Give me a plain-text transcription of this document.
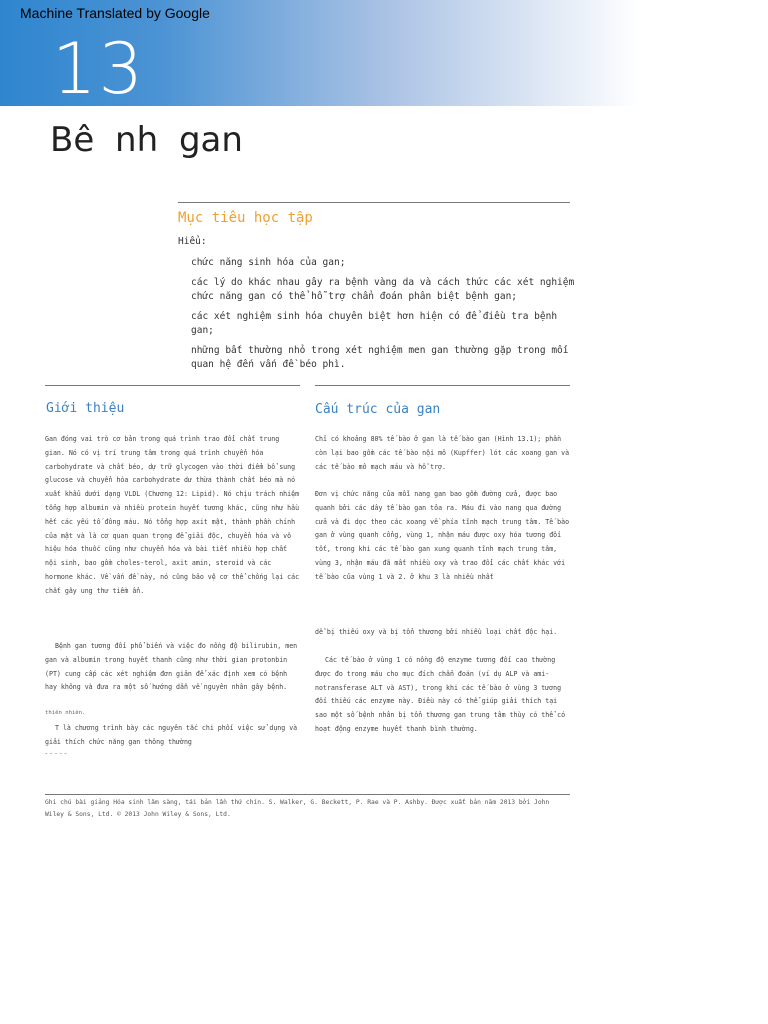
Machine Translated by Google
13
Bê nh gan
Mục tiêu học tập
Hiểu:
chức năng sinh hóa của gan;
các lý do khác nhau gây ra bệnh vàng da và cách thức các xét nghiệm chức năng gan có thể hỗ trợ chẩn đoán phân biệt bệnh gan;
các xét nghiệm sinh hóa chuyên biệt hơn hiện có để điều tra bệnh gan;
những bất thường nhỏ trong xét nghiệm men gan thường gặp trong mối quan hệ đến vấn đề béo phì.
Giới thiệu
Gan đóng vai trò cơ bản trong quá trình trao đổi chất trung gian. Nó có vị trí trung tâm trong quá trình chuyển hóa carbohydrate và chất béo, dự trữ glycogen vào thời điểm bổ sung glucose và chuyển hóa carbohydrate dư thừa thành chất béo mà nó xuất khẩu dưới dạng VLDL (Chương 12: Lipid). Nó chịu trách nhiệm tổng hợp albumin và nhiều protein huyết tương khác, cũng như hầu hết các yếu tố đông máu. Nó tổng hợp axit mật, thành phần chính của mật và là cơ quan quan trọng để giải độc, chuyển hóa và vô hiệu hóa thuốc cũng như chuyển hóa và bài tiết nhiều hợp chất nội sinh, bao gồm choles-terol, axit amin, steroid và các hormone khác. Về vấn đề này, nó cũng bảo vệ cơ thể chống lại các chất gây ung thư tiềm ẩn.
Bệnh gan tương đối phổ biến và việc đo nồng độ bilirubin, men gan và albumin trong huyết thanh cũng như thời gian protonbin (PT) cung cấp các xét nghiệm đơn giản để xác định xem có bệnh hay không và đưa ra một số hướng dẫn về nguyên nhân gây bệnh.
thiên nhiên.
T là chương trình bày các nguyên tắc chi phối việc sử dụng và giải thích chức năng gan thông thường
~ ~ ~ ~ ~
Cấu trúc của gan
Chỉ có khoảng 80% tế bào ở gan là tế bào gan (Hình 13.1); phần còn lại bao gồm các tế bào nội mô (Kupffer) lót các xoang gan và các tế bào mô mạch máu và hỗ trợ.
Đơn vị chức năng của mỗi nang gan bao gồm đường cửa, được bao quanh bởi các dây tế bào gan tỏa ra. Máu đi vào nang qua đường cửa và đi dọc theo các xoang về phía tĩnh mạch trung tâm. Tế bào gan ở vùng quanh cổng, vùng 1, nhận máu được oxy hóa tương đối tốt, trong khi các tế bào gan xung quanh tĩnh mạch trung tâm, vùng 3, nhận máu đã mất nhiều oxy và trao đổi các chất khác với tế bào của vùng 1 và 2. ở khu 3 là nhiều nhất
dễ bị thiếu oxy và bị tổn thương bởi nhiều loại chất độc hại.
Các tế bào ở vùng 1 có nồng độ enzyme tương đối cao thường được đo trong máu cho mục đích chẩn đoán (ví dụ ALP và ami-notransferase ALT và AST), trong khi các tế bào ở vùng 3 tương đối thiếu các enzyme này. Điều này có thể giúp giải thích tại sao một số bệnh nhân bị tổn thương gan trung tâm thùy có thể có hoạt động enzyme huyết thanh bình thường.
Ghi chú bài giảng Hóa sinh lâm sàng, tái bản lần thứ chín. S. Walker, G. Beckett, P. Rae và P. Ashby. Được xuất bản năm 2013 bởi John Wiley & Sons, Ltd. © 2013 John Wiley & Sons, Ltd.
